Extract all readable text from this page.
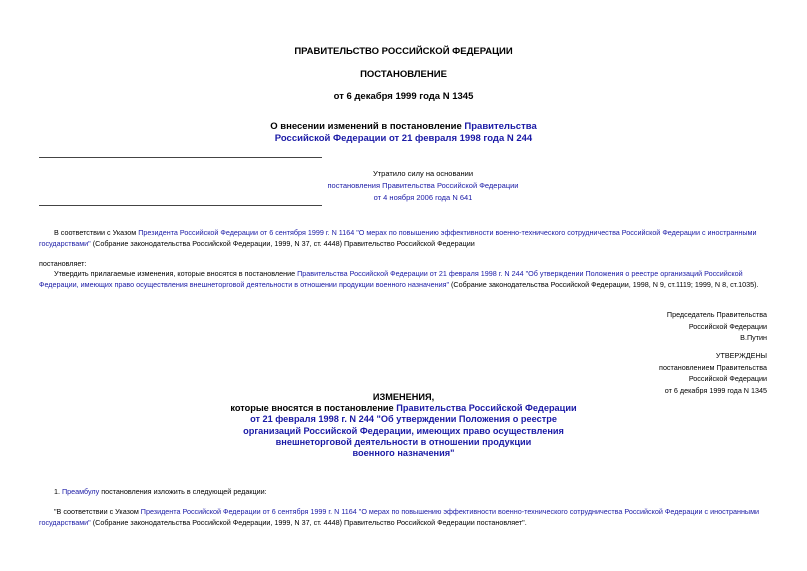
ПРАВИТЕЛЬСТВО РОССИЙСКОЙ ФЕДЕРАЦИИ
ПОСТАНОВЛЕНИЕ
от 6 декабря 1999 года N 1345
О внесении изменений в постановление Правительства
Российской Федерации от 21 февраля 1998 года N 244
Утратило силу на основании
постановления Правительства Российской Федерации
от 4 ноября 2006 года N 641
В соответствии с Указом Президента Российской Федерации от 6 сентября 1999 г. N 1164 "О мерах по повышению эффективности военно-технического сотрудничества Российской Федерации с иностранными государствами" (Собрание законодательства Российской Федерации, 1999, N 37, ст. 4448) Правительство Российской Федерации
постановляет:
Утвердить прилагаемые изменения, которые вносятся в постановление Правительства Российской Федерации от 21 февраля 1998 г. N 244 "Об утверждении Положения о реестре организаций Российской Федерации, имеющих право осуществления внешнеторговой деятельности в отношении продукции военного назначения" (Собрание законодательства Российской Федерации, 1998, N 9, ст.1119; 1999, N 8, ст.1035).
Председатель Правительства
Российской Федерации
В.Путин
УТВЕРЖДЕНЫ
постановлением Правительства
Российской Федерации
от 6 декабря 1999 года N 1345
ИЗМЕНЕНИЯ,
которые вносятся в постановление Правительства Российской Федерации
от 21 февраля 1998 г. N 244 "Об утверждении Положения о реестре
организаций Российской Федерации, имеющих право осуществления
внешнеторговой деятельности в отношении продукции
военного назначения"
1. Преамбулу постановления изложить в следующей редакции:
"В соответствии с Указом Президента Российской Федерации от 6 сентября 1999 г. N 1164 "О мерах по повышению эффективности военно-технического сотрудничества Российской Федерации с иностранными государствами" (Собрание законодательства Российской Федерации, 1999, N 37, ст. 4448) Правительство Российской Федерации постановляет".
